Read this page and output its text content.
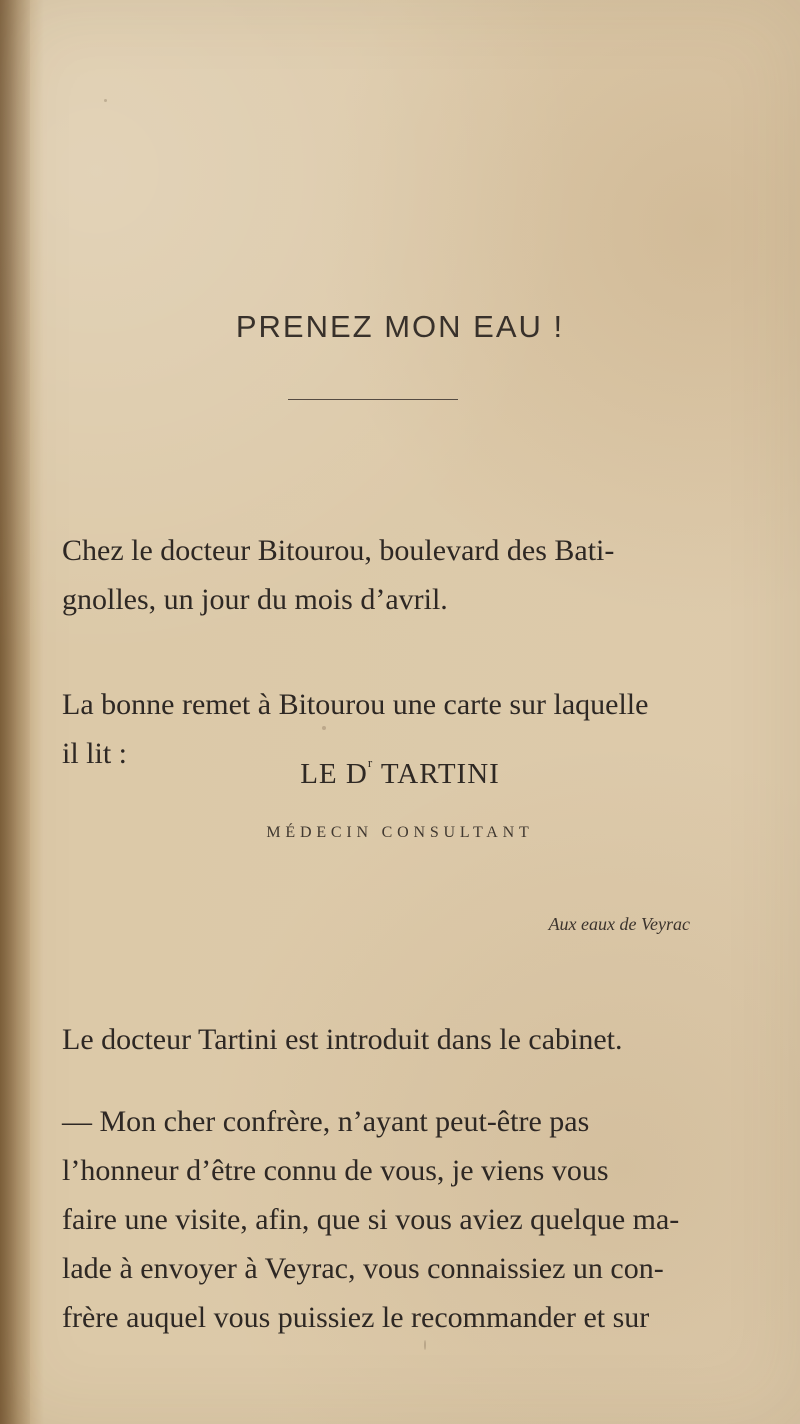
PRENEZ MON EAU !
Chez le docteur Bitourou, boulevard des Bati-
gnolles, un jour du mois d’avril.
La bonne remet à Bitourou une carte sur laquelle
il lit :
LE $D^r$ TARTINI
MÉDECIN CONSULTANT
Aux eaux de Veyrac
Le docteur Tartini est introduit dans le cabinet.
— Mon cher confrère, n’ayant peut-être pas
l’honneur d’être connu de vous, je viens vous
faire une visite, afin, que si vous aviez quelque ma-
lade à envoyer à Veyrac, vous connaissiez un con-
frère auquel vous puissiez le recommander et sur
